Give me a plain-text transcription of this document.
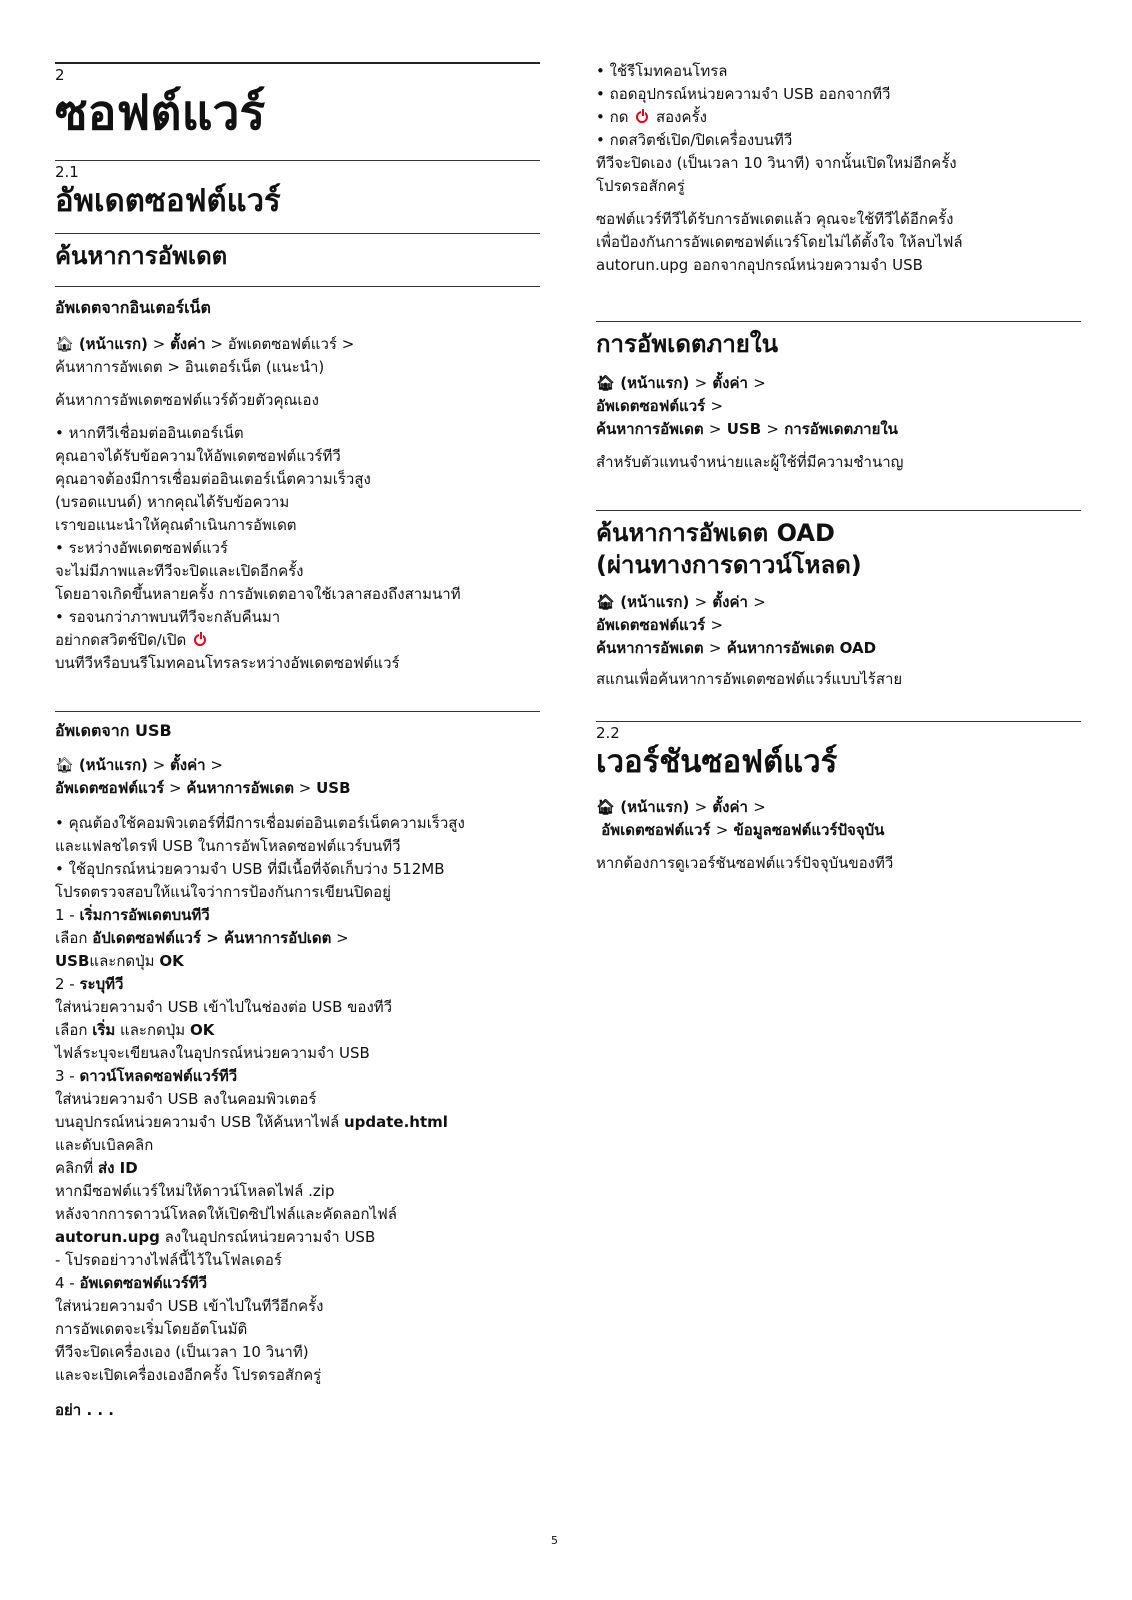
2
ซอฟต์แวร์
2.1
อัพเดตซอฟต์แวร์
ค้นหาการอัพเดต
อัพเดตจากอินเตอร์เน็ต

🏠︎ (หน้าแรก) > ตั้งค่า > อัพเดตซอฟต์แวร์ >
ค้นหาการอัพเดต > อินเตอร์เน็ต (แนะนำ)

ค้นหาการอัพเดตซอฟต์แวร์ด้วยตัวคุณเอง

• หากทีวีเชื่อมต่ออินเตอร์เน็ต

คุณอาจได้รับข้อความให้อัพเดตซอฟต์แวร์ทีวี

คุณอาจต้องมีการเชื่อมต่ออินเตอร์เน็ตความเร็วสูง

(บรอดแบนด์) หากคุณได้รับข้อความ

เราขอแนะนำให้คุณดำเนินการอัพเดต

• ระหว่างอัพเดตซอฟต์แวร์

จะไม่มีภาพและทีวีจะปิดและเปิดอีกครั้ง

โดยอาจเกิดขึ้นหลายครั้ง การอัพเดตอาจใช้เวลาสองถึงสามนาที

• รอจนกว่าภาพบนทีวีจะกลับคืนมา

อย่ากดสวิตช์ปิด/เปิด

บนทีวีหรือบนรีโมทคอนโทรลระหว่างอัพเดตซอฟต์แวร์

อัพเดตจาก USB

🏠︎ (หน้าแรก) > ตั้งค่า >
อัพเดตซอฟต์แวร์ > ค้นหาการอัพเดต > USB

• คุณต้องใช้คอมพิวเตอร์ที่มีการเชื่อมต่ออินเตอร์เน็ตความเร็วสูง

และแฟลชไดรฟ์ USB ในการอัพโหลดซอฟต์แวร์บนทีวี

• ใช้อุปกรณ์หน่วยความจำ USB ที่มีเนื้อที่จัดเก็บว่าง 512MB

โปรดตรวจสอบให้แน่ใจว่าการป้องกันการเขียนปิดอยู่

1 - เริ่มการอัพเดตบนทีวี

เลือก อัปเดตซอฟต์แวร์ > ค้นหาการอัปเดต >

USBและกดปุ่ม OK

2 - ระบุทีวี

ใส่หน่วยความจำ USB เข้าไปในช่องต่อ USB ของทีวี

เลือก เริ่ม และกดปุ่ม OK

ไฟล์ระบุจะเขียนลงในอุปกรณ์หน่วยความจำ USB

3 - ดาวน์โหลดซอฟต์แวร์ทีวี

ใส่หน่วยความจำ USB ลงในคอมพิวเตอร์

บนอุปกรณ์หน่วยความจำ USB ให้ค้นหาไฟล์ update.html

และดับเบิลคลิก

คลิกที่ ส่ง ID

หากมีซอฟต์แวร์ใหม่ให้ดาวน์โหลดไฟล์ .zip

หลังจากการดาวน์โหลดให้เปิดซิปไฟล์และคัดลอกไฟล์

autorun.upg ลงในอุปกรณ์หน่วยความจำ USB

- โปรดอย่าวางไฟล์นี้ไว้ในโฟลเดอร์

4 - อัพเดตซอฟต์แวร์ทีวี

ใส่หน่วยความจำ USB เข้าไปในทีวีอีกครั้ง

การอัพเดตจะเริ่มโดยอัตโนมัติ

ทีวีจะปิดเครื่องเอง (เป็นเวลา 10 วินาที)

และจะเปิดเครื่องเองอีกครั้ง โปรดรอสักครู่

อย่า . . .

• ใช้รีโมทคอนโทรล

• ถอดอุปกรณ์หน่วยความจำ USB ออกจากทีวี

• กด  สองครั้ง

• กดสวิตช์เปิด/ปิดเครื่องบนทีวี

ทีวีจะปิดเอง (เป็นเวลา 10 วินาที) จากนั้นเปิดใหม่อีกครั้ง

โปรดรอสักครู่

ซอฟต์แวร์ทีวีได้รับการอัพเดตแล้ว คุณจะใช้ทีวีได้อีกครั้ง

เพื่อป้องกันการอัพเดตซอฟต์แวร์โดยไม่ได้ตั้งใจ ให้ลบไฟล์

autorun.upg ออกจากอุปกรณ์หน่วยความจำ USB

การอัพเดตภายใน

🏠︎ (หน้าแรก) > ตั้งค่า >
อัพเดตซอฟต์แวร์ >
ค้นหาการอัพเดต > USB > การอัพเดตภายใน

สำหรับตัวแทนจำหน่ายและผู้ใช้ที่มีความชำนาญ

ค้นหาการอัพเดต OAD
(ผ่านทางการดาวน์โหลด)

🏠︎ (หน้าแรก) > ตั้งค่า >
อัพเดตซอฟต์แวร์ >
ค้นหาการอัพเดต > ค้นหาการอัพเดต OAD

สแกนเพื่อค้นหาการอัพเดตซอฟต์แวร์แบบไร้สาย

2.2
เวอร์ชันซอฟต์แวร์

🏠︎ (หน้าแรก) > ตั้งค่า >
อัพเดตซอฟต์แวร์ > ข้อมูลซอฟต์แวร์ปัจจุบัน

หากต้องการดูเวอร์ชันซอฟต์แวร์ปัจจุบันของทีวี

5
